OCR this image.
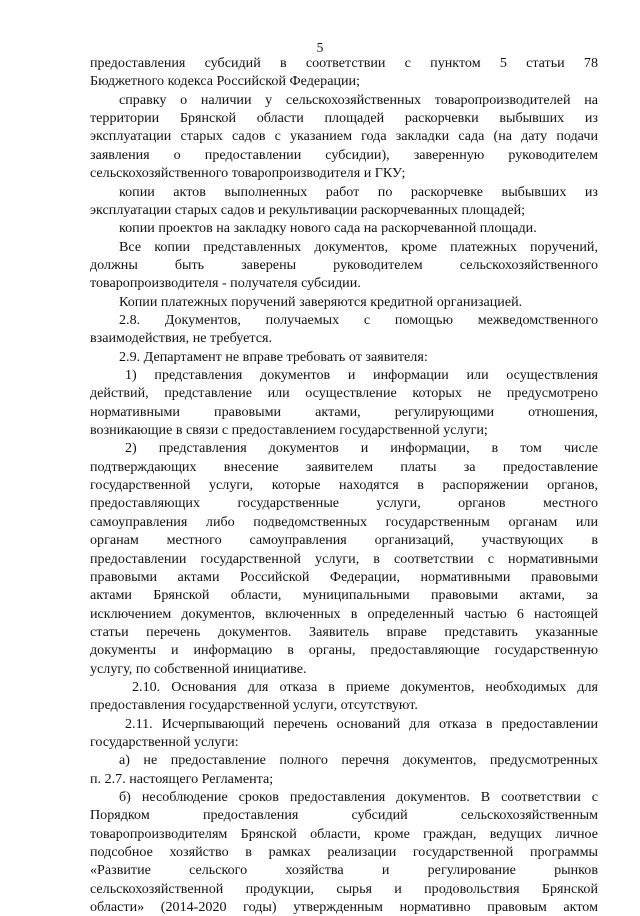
5
предоставления субсидий в соответствии с пунктом 5 статьи 78
Бюджетного кодекса Российской Федерации;
справку о наличии у сельскохозяйственных товаропроизводителей на
территории Брянской области площадей раскорчевки выбывших из
эксплуатации старых садов с указанием года закладки сада (на дату подачи
заявления о предоставлении субсидии), заверенную руководителем
сельскохозяйственного товаропроизводителя и ГКУ;
копии актов выполненных работ по раскорчевке выбывших из
эксплуатации старых садов и рекультивации раскорчеванных площадей;
копии проектов на закладку нового сада на раскорчеванной площади.
Все копии представленных документов, кроме платежных поручений,
должны быть заверены руководителем сельскохозяйственного
товаропроизводителя - получателя субсидии.
Копии платежных поручений заверяются кредитной организацией.
2.8. Документов, получаемых с помощью межведомственного
взаимодействия, не требуется.
2.9. Департамент не вправе требовать от заявителя:
1) представления документов и информации или осуществления
действий, представление или осуществление которых не предусмотрено
нормативными правовыми актами, регулирующими отношения,
возникающие в связи с предоставлением государственной услуги;
2) представления документов и информации, в том числе
подтверждающих внесение заявителем платы за предоставление
государственной услуги, которые находятся в распоряжении органов,
предоставляющих государственные услуги, органов местного
самоуправления либо подведомственных государственным органам или
органам местного самоуправления организаций, участвующих в
предоставлении государственной услуги, в соответствии с нормативными
правовыми актами Российской Федерации, нормативными правовыми
актами Брянской области, муниципальными правовыми актами, за
исключением документов, включенных в определенный частью 6 настоящей
статьи перечень документов. Заявитель вправе представить указанные
документы и информацию в органы, предоставляющие государственную
услугу, по собственной инициативе.
2.10. Основания для отказа в приеме документов, необходимых для
предоставления государственной услуги, отсутствуют.
2.11. Исчерпывающий перечень оснований для отказа в предоставлении
государственной услуги:
а) не предоставление полного перечня документов, предусмотренных
п. 2.7. настоящего Регламента;
б) несоблюдение сроков предоставления документов. В соответствии с
Порядком предоставления субсидий сельскохозяйственным
товаропроизводителям Брянской области, кроме граждан, ведущих личное
подсобное хозяйство в рамках реализации государственной программы
«Развитие сельского хозяйства и регулирование рынков
сельскохозяйственной продукции, сырья и продовольствия Брянской
области» (2014-2020 годы) утвержденным нормативно правовым актом
